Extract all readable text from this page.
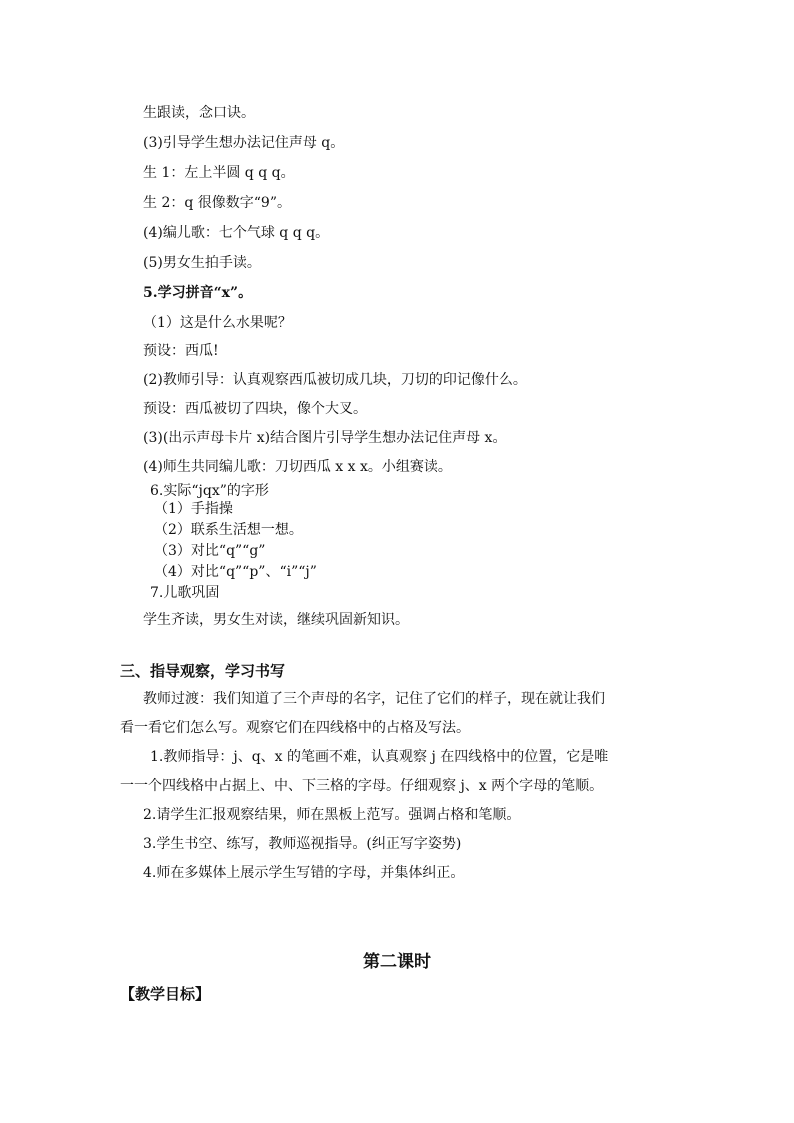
生跟读，念口诀。
(3)引导学生想办法记住声母 q。
生 1：左上半圆 q q q。
生 2：q 很像数字“9”。
(4)编儿歌：七个气球 q q q。
(5)男女生拍手读。
5.学习拼音“x”。
（1）这是什么水果呢？
预设：西瓜!
(2)教师引导：认真观察西瓜被切成几块，刀切的印记像什么。
预设：西瓜被切了四块，像个大叉。
(3)(出示声母卡片 x)结合图片引导学生想办法记住声母 x。
(4)师生共同编儿歌：刀切西瓜 x x x。小组赛读。
6.实际“jqx”的字形
（1）手指操
（2）联系生活想一想。
（3）对比“q”“g”
（4）对比“q”“p”、“i”“j”
7.儿歌巩固
学生齐读，男女生对读，继续巩固新知识。
三、指导观察，学习书写
教师过渡：我们知道了三个声母的名字，记住了它们的样子，现在就让我们
看一看它们怎么写。观察它们在四线格中的占格及写法。
1.教师指导：j、q、x 的笔画不难，认真观察 j 在四线格中的位置，它是唯
一一个四线格中占据上、中、下三格的字母。仔细观察 j、x 两个字母的笔顺。
2.请学生汇报观察结果，师在黑板上范写。强调占格和笔顺。
3.学生书空、练写，教师巡视指导。(纠正写字姿势)
4.师在多媒体上展示学生写错的字母，并集体纠正。
第二课时
【教学目标】
